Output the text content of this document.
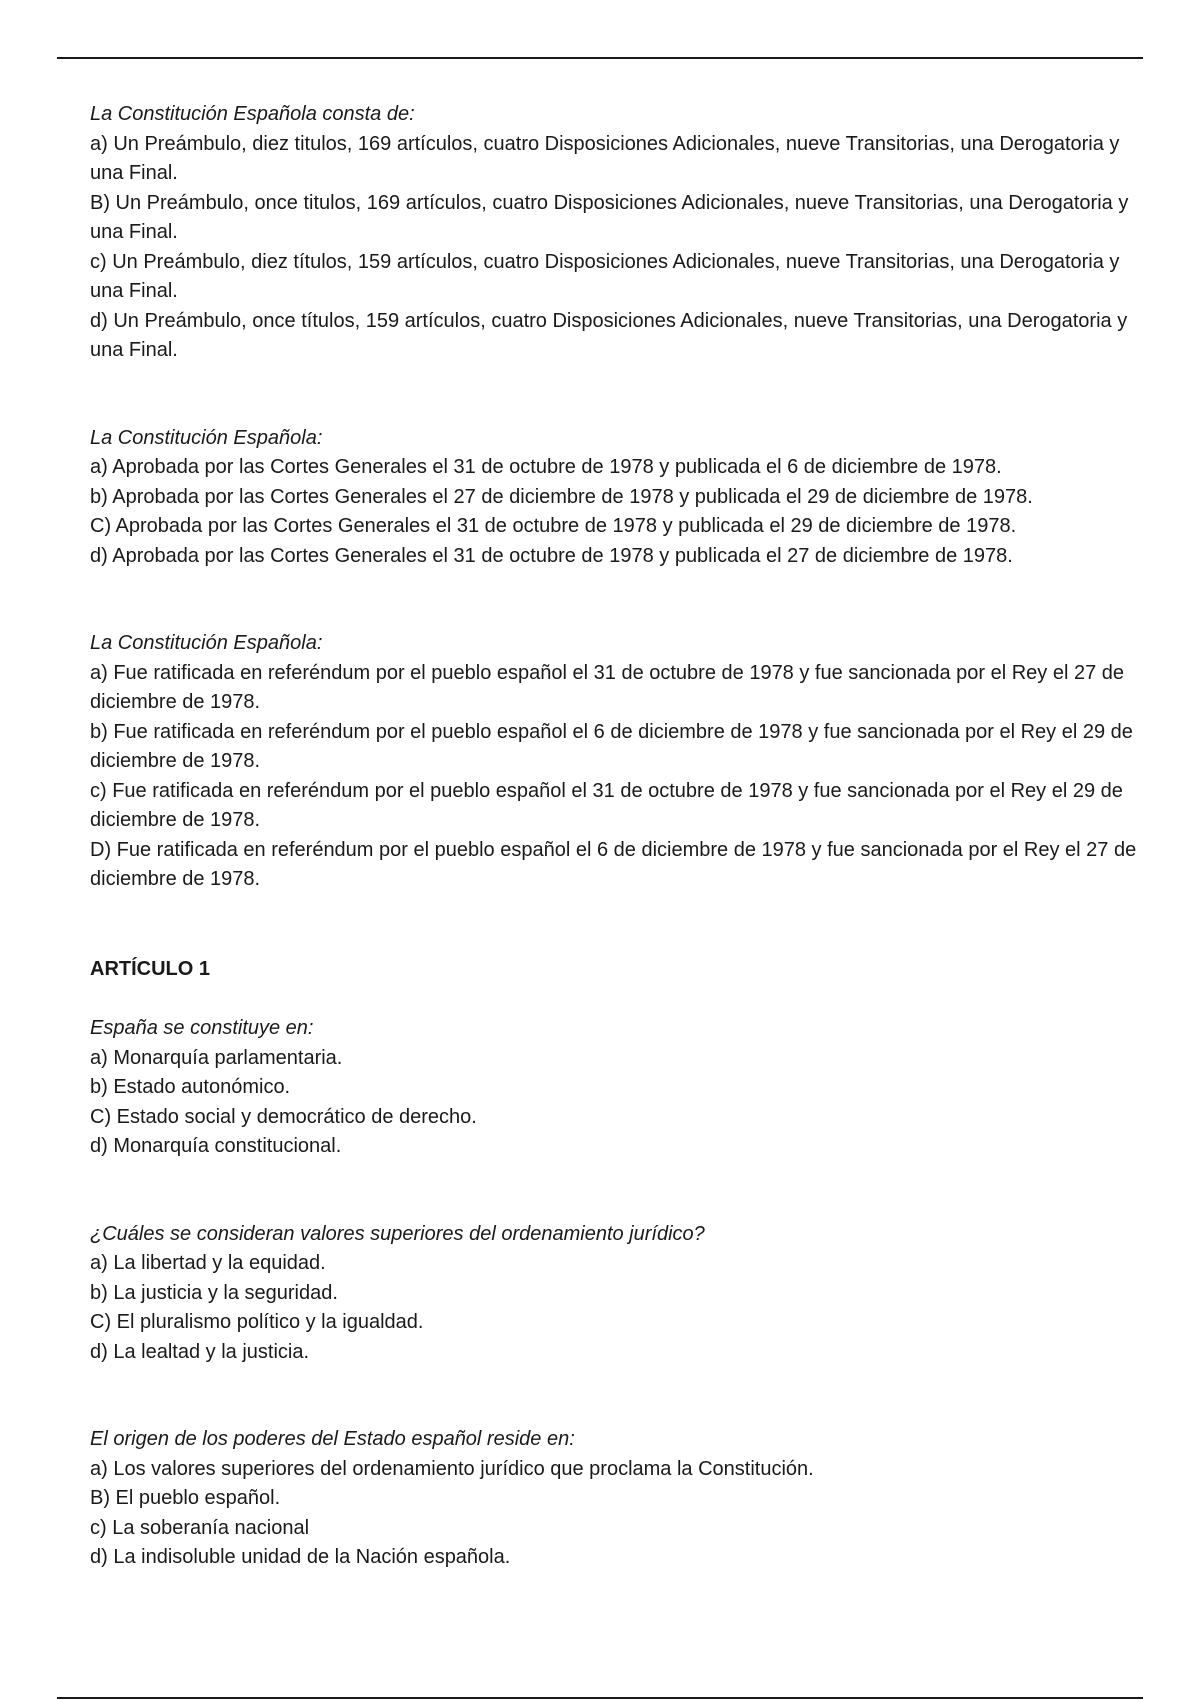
La Constitución Española consta de:

a) Un Preámbulo, diez titulos, 169 artículos, cuatro Disposiciones Adicionales, nueve Transitorias, una Derogatoria y una Final.
B) Un Preámbulo, once titulos, 169 artículos, cuatro Disposiciones Adicionales, nueve Transitorias, una Derogatoria y una Final.
c) Un Preámbulo, diez títulos, 159 artículos, cuatro Disposiciones Adicionales, nueve Transitorias, una Derogatoria y una Final.
d) Un Preámbulo, once títulos, 159 artículos, cuatro Disposiciones Adicionales, nueve Transitorias, una Derogatoria y una Final.

La Constitución Española:

a) Aprobada por las Cortes Generales el 31 de octubre de 1978 y publicada el 6 de diciembre de 1978.
b) Aprobada por las Cortes Generales el 27 de diciembre de 1978 y publicada el 29 de diciembre de 1978.
C) Aprobada por las Cortes Generales el 31 de octubre de 1978 y publicada el 29 de diciembre de 1978.
d) Aprobada por las Cortes Generales el 31 de octubre de 1978 y publicada el 27 de diciembre de 1978.

La Constitución Española:

a) Fue ratificada en referéndum por el pueblo español el 31 de octubre de 1978 y fue sancionada por el Rey el 27 de diciembre de 1978.
b) Fue ratificada en referéndum por el pueblo español el 6 de diciembre de 1978 y fue sancionada por el Rey el 29 de diciembre de 1978.
c) Fue ratificada en referéndum por el pueblo español el 31 de octubre de 1978 y fue sancionada por el Rey el 29 de diciembre de 1978.
D) Fue ratificada en referéndum por el pueblo español el 6 de diciembre de 1978 y fue sancionada por el Rey el 27 de diciembre de 1978.

ARTÍCULO 1

España se constituye en:

a) Monarquía parlamentaria.
b) Estado autonómico.
C) Estado social y democrático de derecho.
d) Monarquía constitucional.

¿Cuáles se consideran valores superiores del ordenamiento jurídico?

a) La libertad y la equidad.
b) La justicia y la seguridad.
C) El pluralismo político y la igualdad.
d) La lealtad y la justicia.

El origen de los poderes del Estado español reside en:

a) Los valores superiores del ordenamiento jurídico que proclama la Constitución.
B) El pueblo español.
c) La soberanía nacional
d) La indisoluble unidad de la Nación española.
